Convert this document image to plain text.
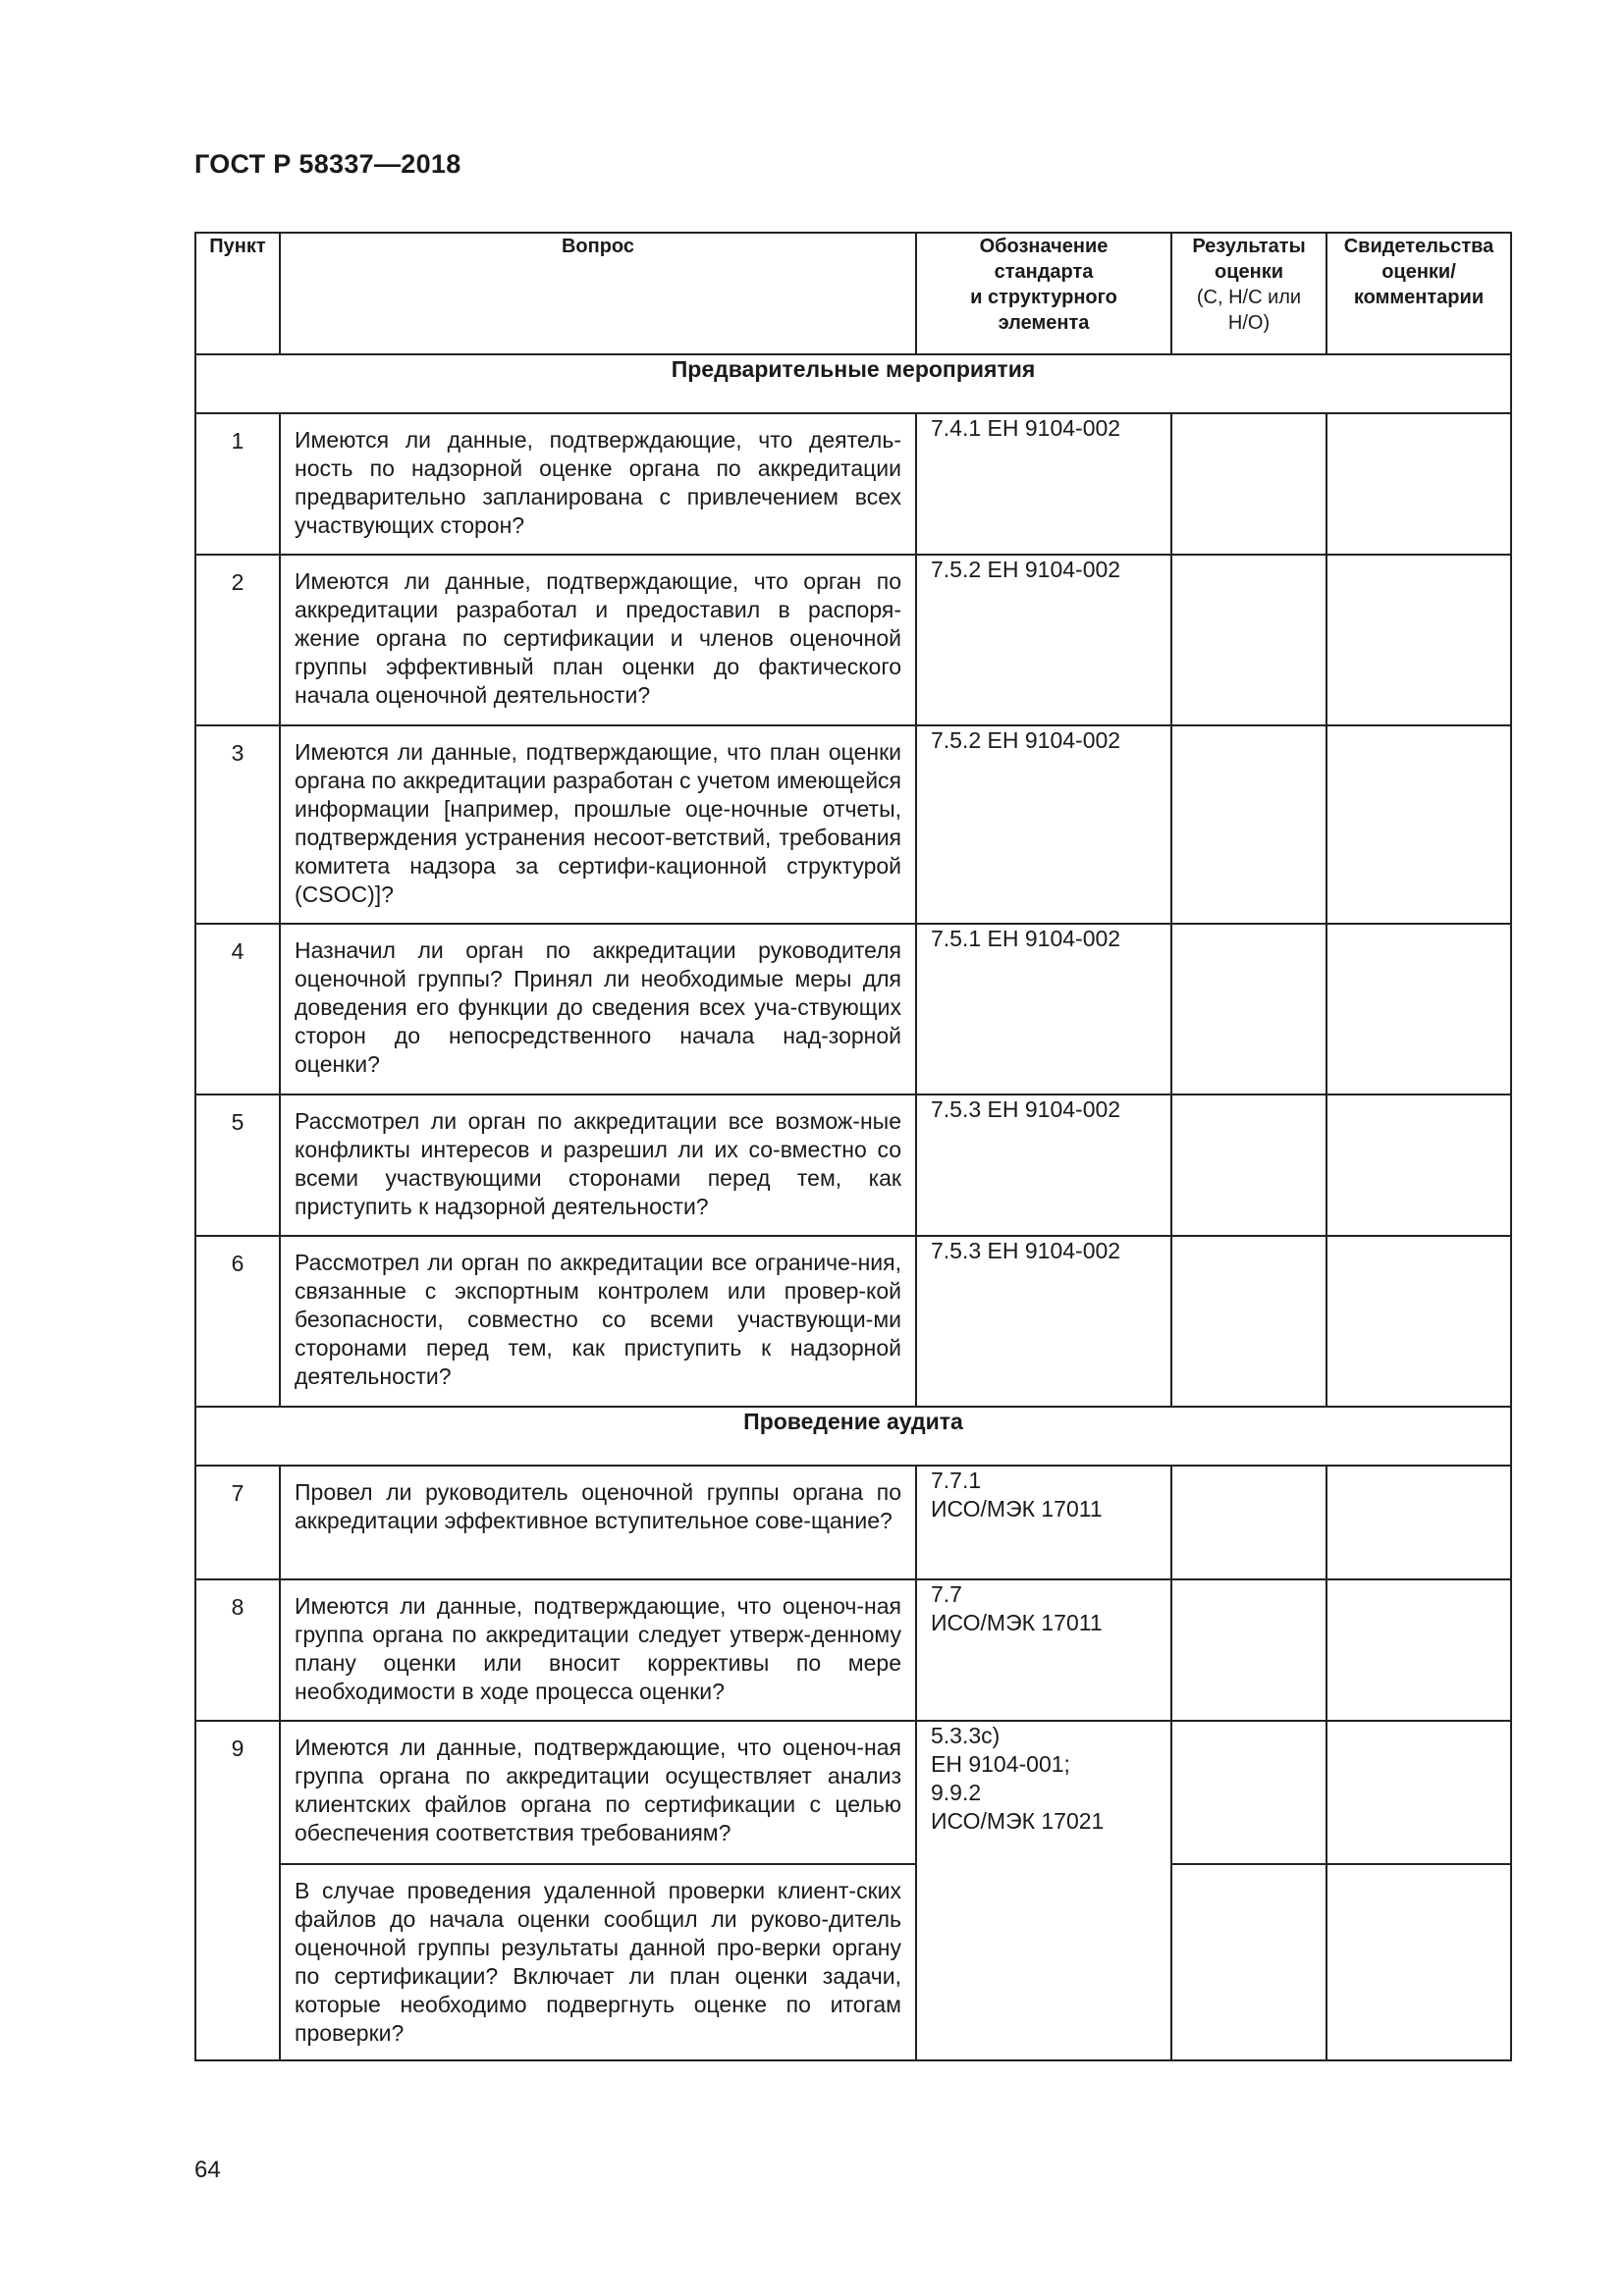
ГОСТ Р 58337—2018
Пункт	Вопрос	Обозначение
стандарта
и структурного
элемента	Результаты
оценки
(С, Н/С или
Н/О)	Свидетельства
оценки/
комментарии
Предварительные мероприятия				
1	Имеются ли данные, подтверждающие, что деятель-ность по надзорной оценке органа по аккредитации предварительно запланирована с привлечением всех участвующих сторон?	7.4.1 ЕН 9104-002		
2	Имеются ли данные, подтверждающие, что орган по аккредитации разработал и предоставил в распоря-жение органа по сертификации и членов оценочной группы эффективный план оценки до фактического начала оценочной деятельности?	7.5.2 ЕН 9104-002		
3	Имеются ли данные, подтверждающие, что план оценки органа по аккредитации разработан с учетом имеющейся информации [например, прошлые оце-ночные отчеты, подтверждения устранения несоот-ветствий, требования комитета надзора за сертифи-кационной структурой (CSOC)]?	7.5.2 ЕН 9104-002		
4	Назначил ли орган по аккредитации руководителя оценочной группы? Принял ли необходимые меры для доведения его функции до сведения всех уча-ствующих сторон до непосредственного начала над-зорной оценки?	7.5.1 ЕН 9104-002		
5	Рассмотрел ли орган по аккредитации все возмож-ные конфликты интересов и разрешил ли их со-вместно со всеми участвующими сторонами перед тем, как приступить к надзорной деятельности?	7.5.3 ЕН 9104-002		
6	Рассмотрел ли орган по аккредитации все ограниче-ния, связанные с экспортным контролем или провер-кой безопасности, совместно со всеми участвующи-ми сторонами перед тем, как приступить к надзорной деятельности?	7.5.3 ЕН 9104-002		
Проведение аудита				
7	Провел ли руководитель оценочной группы органа по аккредитации эффективное вступительное сове-щание?	7.7.1
ИСО/МЭК 17011		
8	Имеются ли данные, подтверждающие, что оценоч-ная группа органа по аккредитации следует утверж-денному плану оценки или вносит коррективы по мере необходимости в ходе процесса оценки?	7.7
ИСО/МЭК 17011		
9	Имеются ли данные, подтверждающие, что оценоч-ная группа органа по аккредитации осуществляет анализ клиентских файлов органа по сертификации с целью обеспечения соответствия требованиям?	5.3.3с)
ЕН 9104-001;
9.9.2
ИСО/МЭК 17021		
	В случае проведения удаленной проверки клиент-ских файлов до начала оценки сообщил ли руково-дитель оценочной группы результаты данной про-верки органу по сертификации? Включает ли план оценки задачи, которые необходимо подвергнуть оценке по итогам проверки?			
64
